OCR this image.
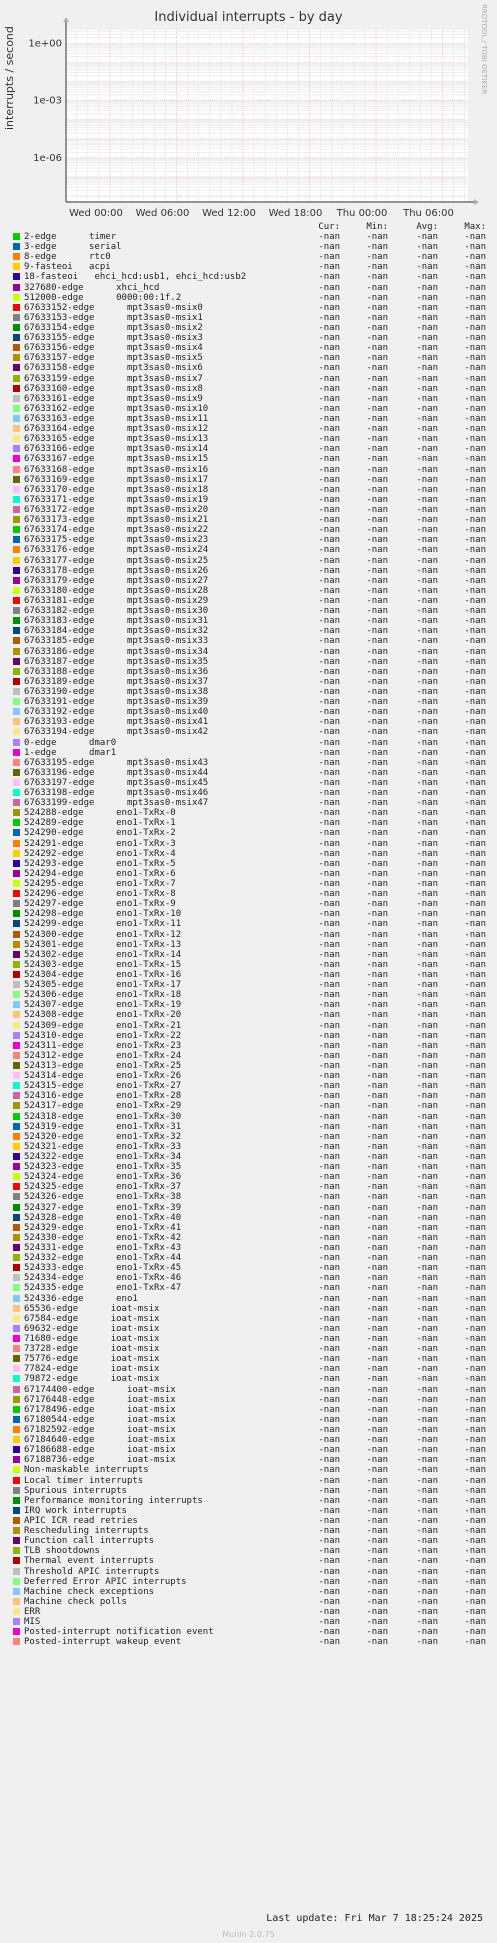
Individual interrupts - by day	RRDTOOL / TOBI OETIKER
interrupts / second 1e+00
1e-03
1e-06
Wed 00:00 Wed 06:00 Wed 12:00 Wed 18:00 Thu 00:00 Thu 06:00
Cur:	Min:	Avg:	Max:
2-edge      timer	-nan	-nan	-nan	-nan
3-edge      serial	-nan	-nan	-nan	-nan
8-edge      rtc0	-nan	-nan	-nan	-nan
9-fasteoi   acpi	-nan	-nan	-nan	-nan
18-fasteoi   ehci_hcd:usb1, ehci_hcd:usb2	-nan	-nan	-nan	-nan
327680-edge      xhci_hcd	-nan	-nan	-nan	-nan
512000-edge      0000:00:1f.2	-nan	-nan	-nan	-nan
67633152-edge      mpt3sas0-msix0	-nan	-nan	-nan	-nan
67633153-edge      mpt3sas0-msix1	-nan	-nan	-nan	-nan
67633154-edge      mpt3sas0-msix2	-nan	-nan	-nan	-nan
67633155-edge      mpt3sas0-msix3	-nan	-nan	-nan	-nan
67633156-edge      mpt3sas0-msix4	-nan	-nan	-nan	-nan
67633157-edge      mpt3sas0-msix5	-nan	-nan	-nan	-nan
67633158-edge      mpt3sas0-msix6	-nan	-nan	-nan	-nan
67633159-edge      mpt3sas0-msix7	-nan	-nan	-nan	-nan
67633160-edge      mpt3sas0-msix8	-nan	-nan	-nan	-nan
67633161-edge      mpt3sas0-msix9	-nan	-nan	-nan	-nan
67633162-edge      mpt3sas0-msix10	-nan	-nan	-nan	-nan
67633163-edge      mpt3sas0-msix11	-nan	-nan	-nan	-nan
67633164-edge      mpt3sas0-msix12	-nan	-nan	-nan	-nan
67633165-edge      mpt3sas0-msix13	-nan	-nan	-nan	-nan
67633166-edge      mpt3sas0-msix14	-nan	-nan	-nan	-nan
67633167-edge      mpt3sas0-msix15	-nan	-nan	-nan	-nan
67633168-edge      mpt3sas0-msix16	-nan	-nan	-nan	-nan
67633169-edge      mpt3sas0-msix17	-nan	-nan	-nan	-nan
67633170-edge      mpt3sas0-msix18	-nan	-nan	-nan	-nan
67633171-edge      mpt3sas0-msix19	-nan	-nan	-nan	-nan
67633172-edge      mpt3sas0-msix20	-nan	-nan	-nan	-nan
67633173-edge      mpt3sas0-msix21	-nan	-nan	-nan	-nan
67633174-edge      mpt3sas0-msix22	-nan	-nan	-nan	-nan
67633175-edge      mpt3sas0-msix23	-nan	-nan	-nan	-nan
67633176-edge      mpt3sas0-msix24	-nan	-nan	-nan	-nan
67633177-edge      mpt3sas0-msix25	-nan	-nan	-nan	-nan
67633178-edge      mpt3sas0-msix26	-nan	-nan	-nan	-nan
67633179-edge      mpt3sas0-msix27	-nan	-nan	-nan	-nan
67633180-edge      mpt3sas0-msix28	-nan	-nan	-nan	-nan
67633181-edge      mpt3sas0-msix29	-nan	-nan	-nan	-nan
67633182-edge      mpt3sas0-msix30	-nan	-nan	-nan	-nan
67633183-edge      mpt3sas0-msix31	-nan	-nan	-nan	-nan
67633184-edge      mpt3sas0-msix32	-nan	-nan	-nan	-nan
67633185-edge      mpt3sas0-msix33	-nan	-nan	-nan	-nan
67633186-edge      mpt3sas0-msix34	-nan	-nan	-nan	-nan
67633187-edge      mpt3sas0-msix35	-nan	-nan	-nan	-nan
67633188-edge      mpt3sas0-msix36	-nan	-nan	-nan	-nan
67633189-edge      mpt3sas0-msix37	-nan	-nan	-nan	-nan
67633190-edge      mpt3sas0-msix38	-nan	-nan	-nan	-nan
67633191-edge      mpt3sas0-msix39	-nan	-nan	-nan	-nan
67633192-edge      mpt3sas0-msix40	-nan	-nan	-nan	-nan
67633193-edge      mpt3sas0-msix41	-nan	-nan	-nan	-nan
67633194-edge      mpt3sas0-msix42	-nan	-nan	-nan	-nan
0-edge      dmar0	-nan	-nan	-nan	-nan
1-edge      dmar1	-nan	-nan	-nan	-nan
67633195-edge      mpt3sas0-msix43	-nan	-nan	-nan	-nan
67633196-edge      mpt3sas0-msix44	-nan	-nan	-nan	-nan
67633197-edge      mpt3sas0-msix45	-nan	-nan	-nan	-nan
67633198-edge      mpt3sas0-msix46	-nan	-nan	-nan	-nan
67633199-edge      mpt3sas0-msix47	-nan	-nan	-nan	-nan
524288-edge      eno1-TxRx-0	-nan	-nan	-nan	-nan
524289-edge      eno1-TxRx-1	-nan	-nan	-nan	-nan
524290-edge      eno1-TxRx-2	-nan	-nan	-nan	-nan
524291-edge      eno1-TxRx-3	-nan	-nan	-nan	-nan
524292-edge      eno1-TxRx-4	-nan	-nan	-nan	-nan
524293-edge      eno1-TxRx-5	-nan	-nan	-nan	-nan
524294-edge      eno1-TxRx-6	-nan	-nan	-nan	-nan
524295-edge      eno1-TxRx-7	-nan	-nan	-nan	-nan
524296-edge      eno1-TxRx-8	-nan	-nan	-nan	-nan
524297-edge      eno1-TxRx-9	-nan	-nan	-nan	-nan
524298-edge      eno1-TxRx-10	-nan	-nan	-nan	-nan
524299-edge      eno1-TxRx-11	-nan	-nan	-nan	-nan
524300-edge      eno1-TxRx-12	-nan	-nan	-nan	-nan
524301-edge      eno1-TxRx-13	-nan	-nan	-nan	-nan
524302-edge      eno1-TxRx-14	-nan	-nan	-nan	-nan
524303-edge      eno1-TxRx-15	-nan	-nan	-nan	-nan
524304-edge      eno1-TxRx-16	-nan	-nan	-nan	-nan
524305-edge      eno1-TxRx-17	-nan	-nan	-nan	-nan
524306-edge      eno1-TxRx-18	-nan	-nan	-nan	-nan
524307-edge      eno1-TxRx-19	-nan	-nan	-nan	-nan
524308-edge      eno1-TxRx-20	-nan	-nan	-nan	-nan
524309-edge      eno1-TxRx-21	-nan	-nan	-nan	-nan
524310-edge      eno1-TxRx-22	-nan	-nan	-nan	-nan
524311-edge      eno1-TxRx-23	-nan	-nan	-nan	-nan
524312-edge      eno1-TxRx-24	-nan	-nan	-nan	-nan
524313-edge      eno1-TxRx-25	-nan	-nan	-nan	-nan
524314-edge      eno1-TxRx-26	-nan	-nan	-nan	-nan
524315-edge      eno1-TxRx-27	-nan	-nan	-nan	-nan
524316-edge      eno1-TxRx-28	-nan	-nan	-nan	-nan
524317-edge      eno1-TxRx-29	-nan	-nan	-nan	-nan
524318-edge      eno1-TxRx-30	-nan	-nan	-nan	-nan
524319-edge      eno1-TxRx-31	-nan	-nan	-nan	-nan
524320-edge      eno1-TxRx-32	-nan	-nan	-nan	-nan
524321-edge      eno1-TxRx-33	-nan	-nan	-nan	-nan
524322-edge      eno1-TxRx-34	-nan	-nan	-nan	-nan
524323-edge      eno1-TxRx-35	-nan	-nan	-nan	-nan
524324-edge      eno1-TxRx-36	-nan	-nan	-nan	-nan
524325-edge      eno1-TxRx-37	-nan	-nan	-nan	-nan
524326-edge      eno1-TxRx-38	-nan	-nan	-nan	-nan
524327-edge      eno1-TxRx-39	-nan	-nan	-nan	-nan
524328-edge      eno1-TxRx-40	-nan	-nan	-nan	-nan
524329-edge      eno1-TxRx-41	-nan	-nan	-nan	-nan
524330-edge      eno1-TxRx-42	-nan	-nan	-nan	-nan
524331-edge      eno1-TxRx-43	-nan	-nan	-nan	-nan
524332-edge      eno1-TxRx-44	-nan	-nan	-nan	-nan
524333-edge      eno1-TxRx-45	-nan	-nan	-nan	-nan
524334-edge      eno1-TxRx-46	-nan	-nan	-nan	-nan
524335-edge      eno1-TxRx-47	-nan	-nan	-nan	-nan
524336-edge      eno1	-nan	-nan	-nan	-nan
65536-edge      ioat-msix	-nan	-nan	-nan	-nan
67584-edge      ioat-msix	-nan	-nan	-nan	-nan
69632-edge      ioat-msix	-nan	-nan	-nan	-nan
71680-edge      ioat-msix	-nan	-nan	-nan	-nan
73728-edge      ioat-msix	-nan	-nan	-nan	-nan
75776-edge      ioat-msix	-nan	-nan	-nan	-nan
77824-edge      ioat-msix	-nan	-nan	-nan	-nan
79872-edge      ioat-msix	-nan	-nan	-nan	-nan
67174400-edge      ioat-msix	-nan	-nan	-nan	-nan
67176448-edge      ioat-msix	-nan	-nan	-nan	-nan
67178496-edge      ioat-msix	-nan	-nan	-nan	-nan
67180544-edge      ioat-msix	-nan	-nan	-nan	-nan
67182592-edge      ioat-msix	-nan	-nan	-nan	-nan
67184640-edge      ioat-msix	-nan	-nan	-nan	-nan
67186688-edge      ioat-msix	-nan	-nan	-nan	-nan
67188736-edge      ioat-msix	-nan	-nan	-nan	-nan
Non-maskable interrupts	-nan	-nan	-nan	-nan
Local timer interrupts	-nan	-nan	-nan	-nan
Spurious interrupts	-nan	-nan	-nan	-nan
Performance monitoring interrupts	-nan	-nan	-nan	-nan
IRQ work interrupts	-nan	-nan	-nan	-nan
APIC ICR read retries	-nan	-nan	-nan	-nan
Rescheduling interrupts	-nan	-nan	-nan	-nan
Function call interrupts	-nan	-nan	-nan	-nan
TLB shootdowns	-nan	-nan	-nan	-nan
Thermal event interrupts	-nan	-nan	-nan	-nan
Threshold APIC interrupts	-nan	-nan	-nan	-nan
Deferred Error APIC interrupts	-nan	-nan	-nan	-nan
Machine check exceptions	-nan	-nan	-nan	-nan
Machine check polls	-nan	-nan	-nan	-nan
ERR	-nan	-nan	-nan	-nan
MIS	-nan	-nan	-nan	-nan
Posted-interrupt notification event	-nan	-nan	-nan	-nan
Posted-interrupt wakeup event	-nan	-nan	-nan	-nan
Last update: Fri Mar 7 18:25:24 2025
Munin 2.0.75
